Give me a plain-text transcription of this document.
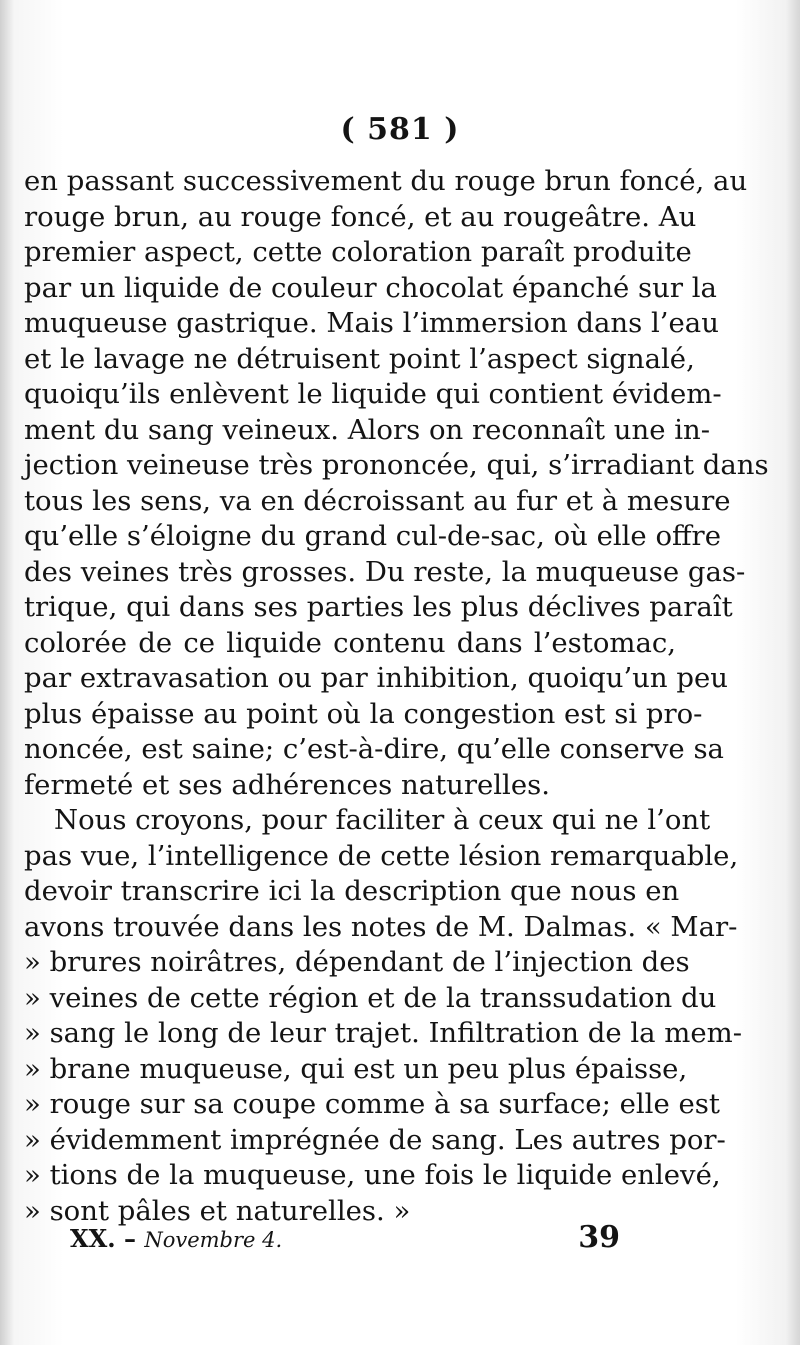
( 581 )
en passant successivement du rouge brun foncé, au
rouge brun, au rouge foncé, et au rougeâtre. Au
premier aspect, cette coloration paraît produite
par un liquide de couleur chocolat épanché sur la
muqueuse gastrique. Mais l’immersion dans l’eau
et le lavage ne détruisent point l’aspect signalé,
quoiqu’ils enlèvent le liquide qui contient évidem-
ment du sang veineux. Alors on reconnaît une in-
jection veineuse très prononcée, qui, s’irradiant dans
tous les sens, va en décroissant au fur et à mesure
qu’elle s’éloigne du grand cul-de-sac, où elle offre
des veines très grosses. Du reste, la muqueuse gas-
trique, qui dans ses parties les plus déclives paraît
colorée de ce liquide contenu dans l’estomac,
par extravasation ou par inhibition, quoiqu’un peu
plus épaisse au point où la congestion est si pro-
noncée, est saine; c’est-à-dire, qu’elle conserve sa
fermeté et ses adhérences naturelles.
Nous croyons, pour faciliter à ceux qui ne l’ont
pas vue, l’intelligence de cette lésion remarquable,
devoir transcrire ici la description que nous en
avons trouvée dans les notes de M. Dalmas. « Mar-
» brures noirâtres, dépendant de l’injection des
» veines de cette région et de la transsudation du
» sang le long de leur trajet. Infiltration de la mem-
» brane muqueuse, qui est un peu plus épaisse,
» rouge sur sa coupe comme à sa surface; elle est
» évidemment imprégnée de sang. Les autres por-
» tions de la muqueuse, une fois le liquide enlevé,
» sont pâles et naturelles. »
XX. – Novembre 4.	39
